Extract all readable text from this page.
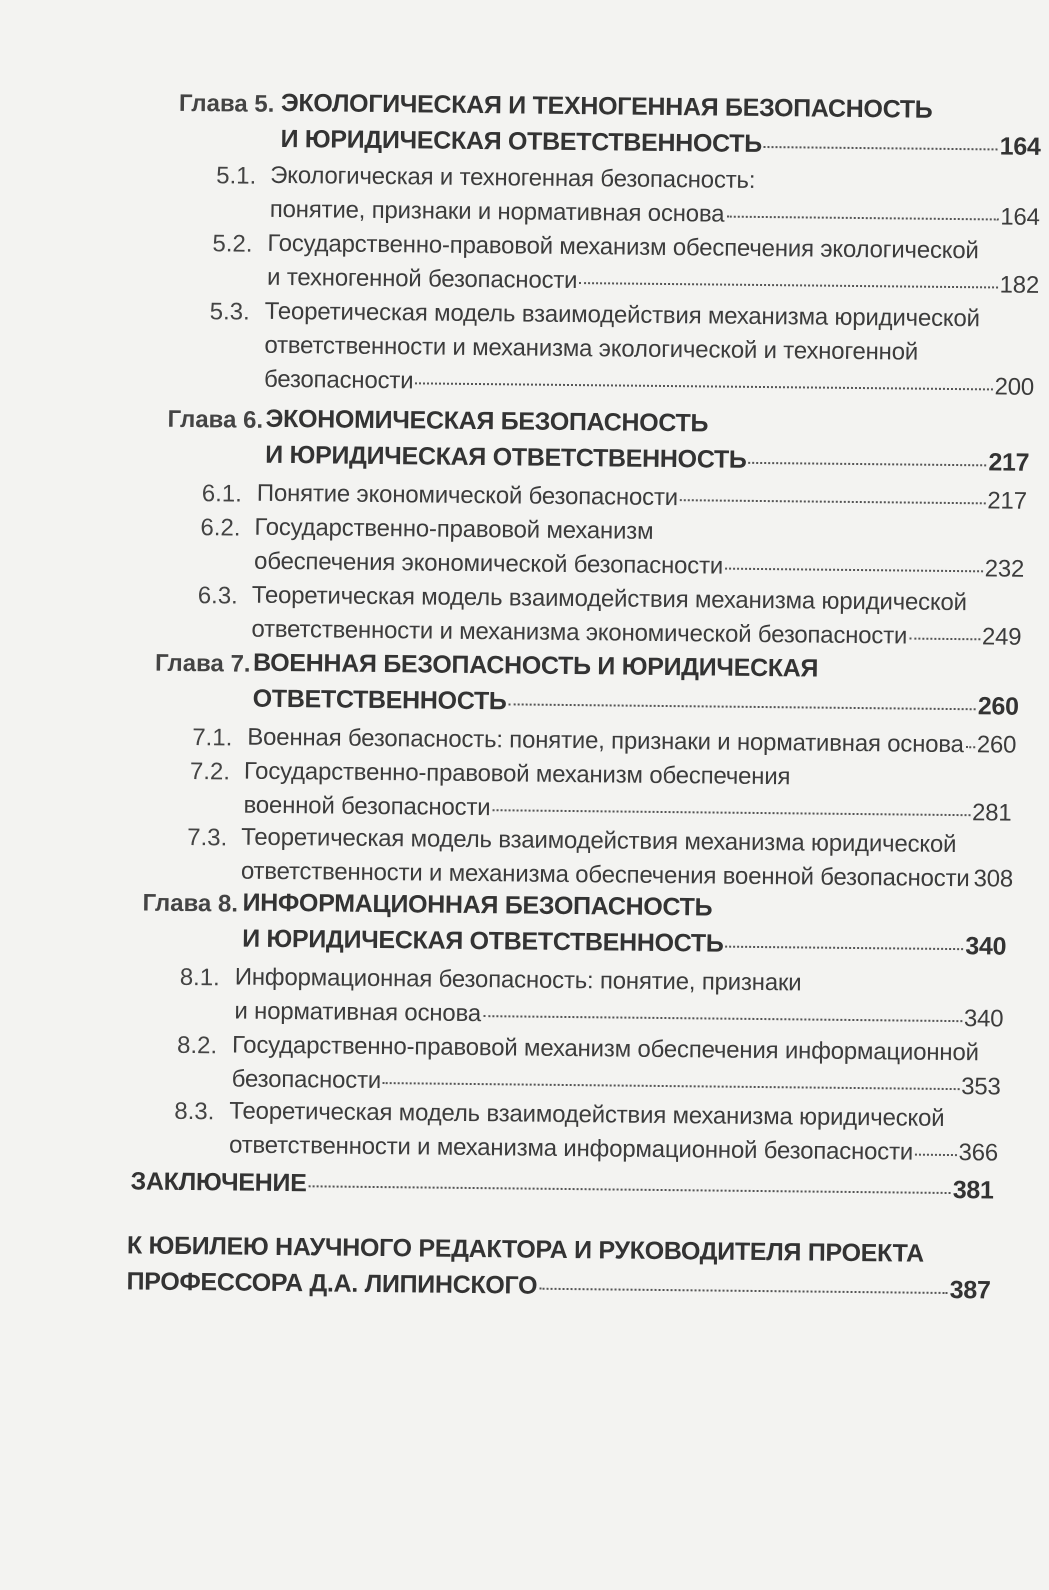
Глава 5. ЭКОЛОГИЧЕСКАЯ И ТЕХНОГЕННАЯ БЕЗОПАСНОСТЬ
И ЮРИДИЧЕСКАЯ ОТВЕТСТВЕННОСТЬ	164
5.1. Экологическая и техногенная безопасность:
понятие, признаки и нормативная основа	164
5.2. Государственно-правовой механизм обеспечения экологической
и техногенной безопасности	182
5.3. Теоретическая модель взаимодействия механизма юридической
ответственности и механизма экологической и техногенной
безопасности	200
Глава 6. ЭКОНОМИЧЕСКАЯ БЕЗОПАСНОСТЬ
И ЮРИДИЧЕСКАЯ ОТВЕТСТВЕННОСТЬ	217
6.1. Понятие экономической безопасности	217
6.2. Государственно-правовой механизм
обеспечения экономической безопасности	232
6.3. Теоретическая модель взаимодействия механизма юридической
ответственности и механизма экономической безопасности	249
Глава 7. ВОЕННАЯ БЕЗОПАСНОСТЬ И ЮРИДИЧЕСКАЯ
ОТВЕТСТВЕННОСТЬ	260
7.1. Военная безопасность: понятие, признаки и нормативная основа 260
7.2. Государственно-правовой механизм обеспечения
военной безопасности	281
7.3. Теоретическая модель взаимодействия механизма юридической
ответственности и механизма обеспечения военной безопасности 308
Глава 8. ИНФОРМАЦИОННАЯ БЕЗОПАСНОСТЬ
И ЮРИДИЧЕСКАЯ ОТВЕТСТВЕННОСТЬ	340
8.1. Информационная безопасность: понятие, признаки
и нормативная основа	340
8.2. Государственно-правовой механизм обеспечения информационной
безопасности	353
8.3. Теоретическая модель взаимодействия механизма юридической
ответственности и механизма информационной безопасности 366
ЗАКЛЮЧЕНИЕ	381
К ЮБИЛЕЮ НАУЧНОГО РЕДАКТОРА И РУКОВОДИТЕЛЯ ПРОЕКТА
ПРОФЕССОРА Д.А. ЛИПИНСКОГО	387
